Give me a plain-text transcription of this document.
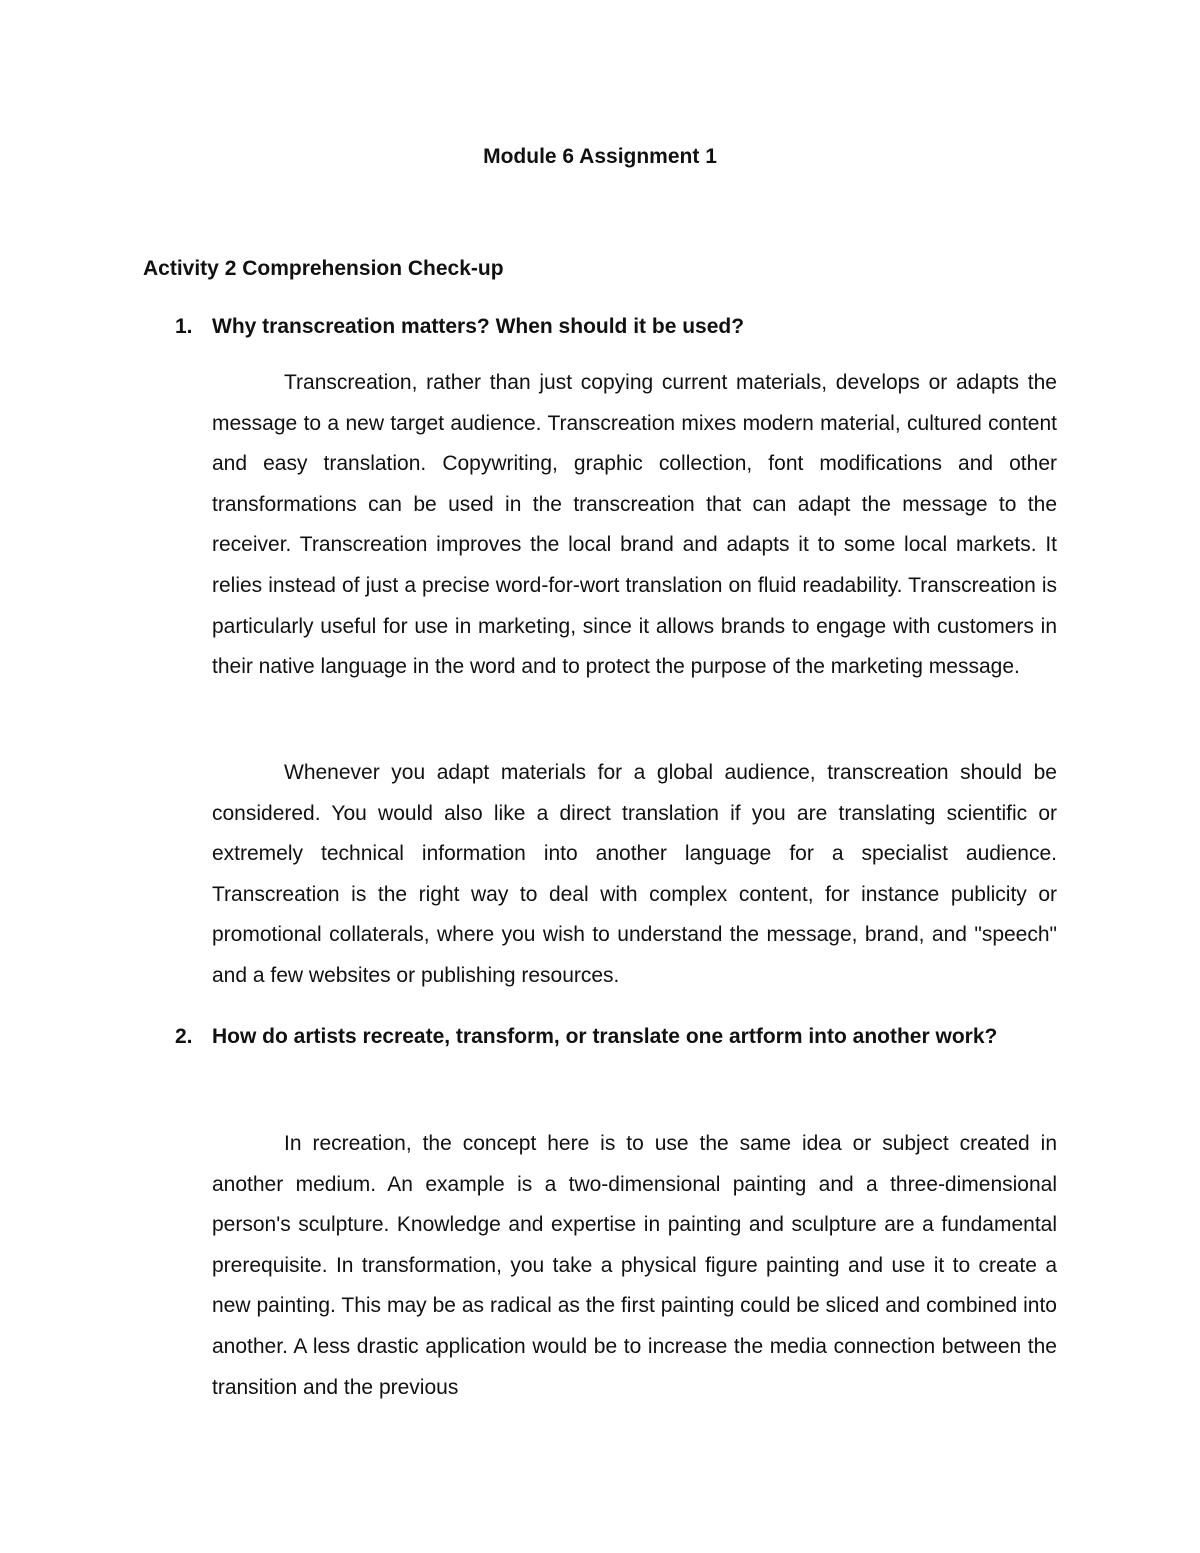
Module 6 Assignment 1
Activity 2 Comprehension Check-up
1. Why transcreation matters? When should it be used?

Transcreation, rather than just copying current materials, develops or adapts the message to a new target audience. Transcreation mixes modern material, cultured content and easy translation. Copywriting, graphic collection, font modifications and other transformations can be used in the transcreation that can adapt the message to the receiver. Transcreation improves the local brand and adapts it to some local markets. It relies instead of just a precise word-for-wort translation on fluid readability. Transcreation is particularly useful for use in marketing, since it allows brands to engage with customers in their native language in the word and to protect the purpose of the marketing message.

Whenever you adapt materials for a global audience, transcreation should be considered. You would also like a direct translation if you are translating scientific or extremely technical information into another language for a specialist audience. Transcreation is the right way to deal with complex content, for instance publicity or promotional collaterals, where you wish to understand the message, brand, and "speech" and a few websites or publishing resources.

2. How do artists recreate, transform, or translate one artform into another work?

In recreation, the concept here is to use the same idea or subject created in another medium. An example is a two-dimensional painting and a three-dimensional person's sculpture. Knowledge and expertise in painting and sculpture are a fundamental prerequisite. In transformation, you take a physical figure painting and use it to create a new painting. This may be as radical as the first painting could be sliced and combined into another. A less drastic application would be to increase the media connection between the transition and the previous
